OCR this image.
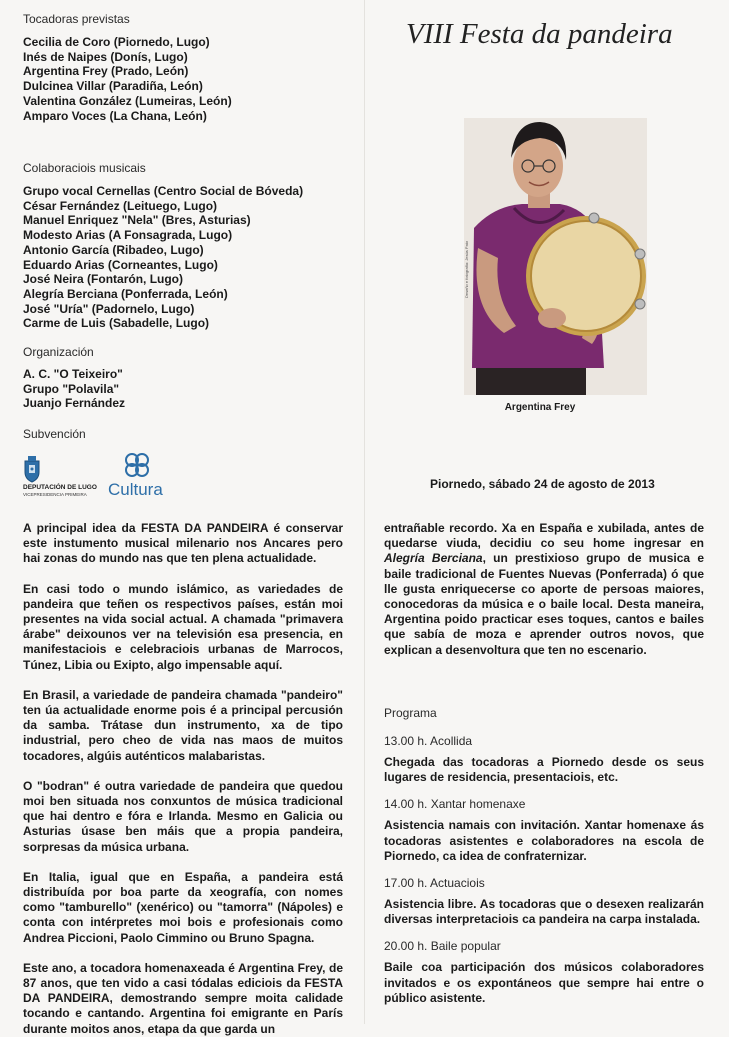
Tocadoras previstas
Cecilia de Coro (Piornedo, Lugo)
Inés de Naipes (Donís, Lugo)
Argentina Frey (Prado, León)
Dulcinea Villar (Paradiña, León)
Valentina González (Lumeiras, León)
Amparo Voces (La Chana, León)
Colaboraciois musicais
Grupo vocal Cernellas (Centro Social de Bóveda)
César Fernández (Leituego, Lugo)
Manuel Enriquez "Nela" (Bres, Asturias)
Modesto Arias (A Fonsagrada, Lugo)
Antonio García (Ribadeo, Lugo)
Eduardo Arias (Corneantes, Lugo)
José Neira (Fontarón, Lugo)
Alegría Berciana (Ponferrada, León)
José "Uría" (Padornelo, Lugo)
Carme de Luis (Sabadelle, Lugo)
Organización
A. C. "O Teixeiro"
Grupo "Polavila"
Juanjo Fernández
Subvención
DEPUTACIÓN DE LUGO
VICEPRESIDENCIA PRIMEIRA Cultura
VIII Festa da pandeira
Deseño e fotografía: Jesús Pato
Argentina Frey
Piornedo, sábado 24 de agosto de 2013

A principal idea da FESTA DA PANDEIRA é conservar este instumento musical milenario nos Ancares pero hai zonas do mundo nas que ten plena actualidade.

En casi todo o mundo islámico, as variedades de pandeira que teñen os respectivos países, están moi presentes na vida social actual. A chamada "primavera árabe" deixounos ver na televisión esa presencia, en manifestaciois e celebraciois urbanas de Marrocos, Túnez, Libia ou Exipto, algo impensable aquí.

En Brasil, a variedade de pandeira chamada "pandeiro" ten úa actualidade enorme pois é a principal percusión da samba. Trátase dun instrumento, xa de tipo industrial, pero cheo de vida nas maos de muitos tocadores, algúis auténticos malabaristas.

O "bodran" é outra variedade de pandeira que quedou moi ben situada nos conxuntos de música tradicional que hai dentro e fóra e Irlanda. Mesmo en Galicia ou Asturias úsase ben máis que a propia pandeira, sorpresas da música urbana.

En Italia, igual que en España, a pandeira está distribuída por boa parte da xeografía, con nomes como "tamburello" (xenérico) ou "tamorra" (Nápoles) e conta con intérpretes moi bois e profesionais como Andrea Piccioni, Paolo Cimmino ou Bruno Spagna.

Este ano, a tocadora homenaxeada é Argentina Frey, de 87 anos, que ten vido a casi tódalas ediciois da FESTA DA PANDEIRA, demostrando sempre moita calidade tocando e cantando. Argentina foi emigrante en París durante moitos anos, etapa da que garda un

entrañable recordo. Xa en España e xubilada, antes de quedarse viuda, decidiu co seu home ingresar en Alegría Berciana, un prestixioso grupo de musica e baile tradicional de Fuentes Nuevas (Ponferrada) ó que lle gusta enriquecerse co aporte de persoas maiores, conocedoras da música e o baile local. Desta maneira, Argentina poido practicar eses toques, cantos e bailes que sabía de moza e aprender outros novos, que explican a desenvoltura que ten no escenario.

Programa
13.00 h. Acollida

Chegada das tocadoras a Piornedo desde os seus lugares de residencia, presentaciois, etc.

14.00 h. Xantar homenaxe

Asistencia namais con invitación. Xantar homenaxe ás tocadoras asistentes e colaboradores na escola de Piornedo, ca idea de confraternizar.

17.00 h. Actuaciois

Asistencia libre. As tocadoras que o desexen realizarán diversas interpretaciois ca pandeira na carpa instalada.

20.00 h. Baile popular

Baile coa participación dos músicos colaboradores invitados e os expontáneos que sempre hai entre o público asistente.
